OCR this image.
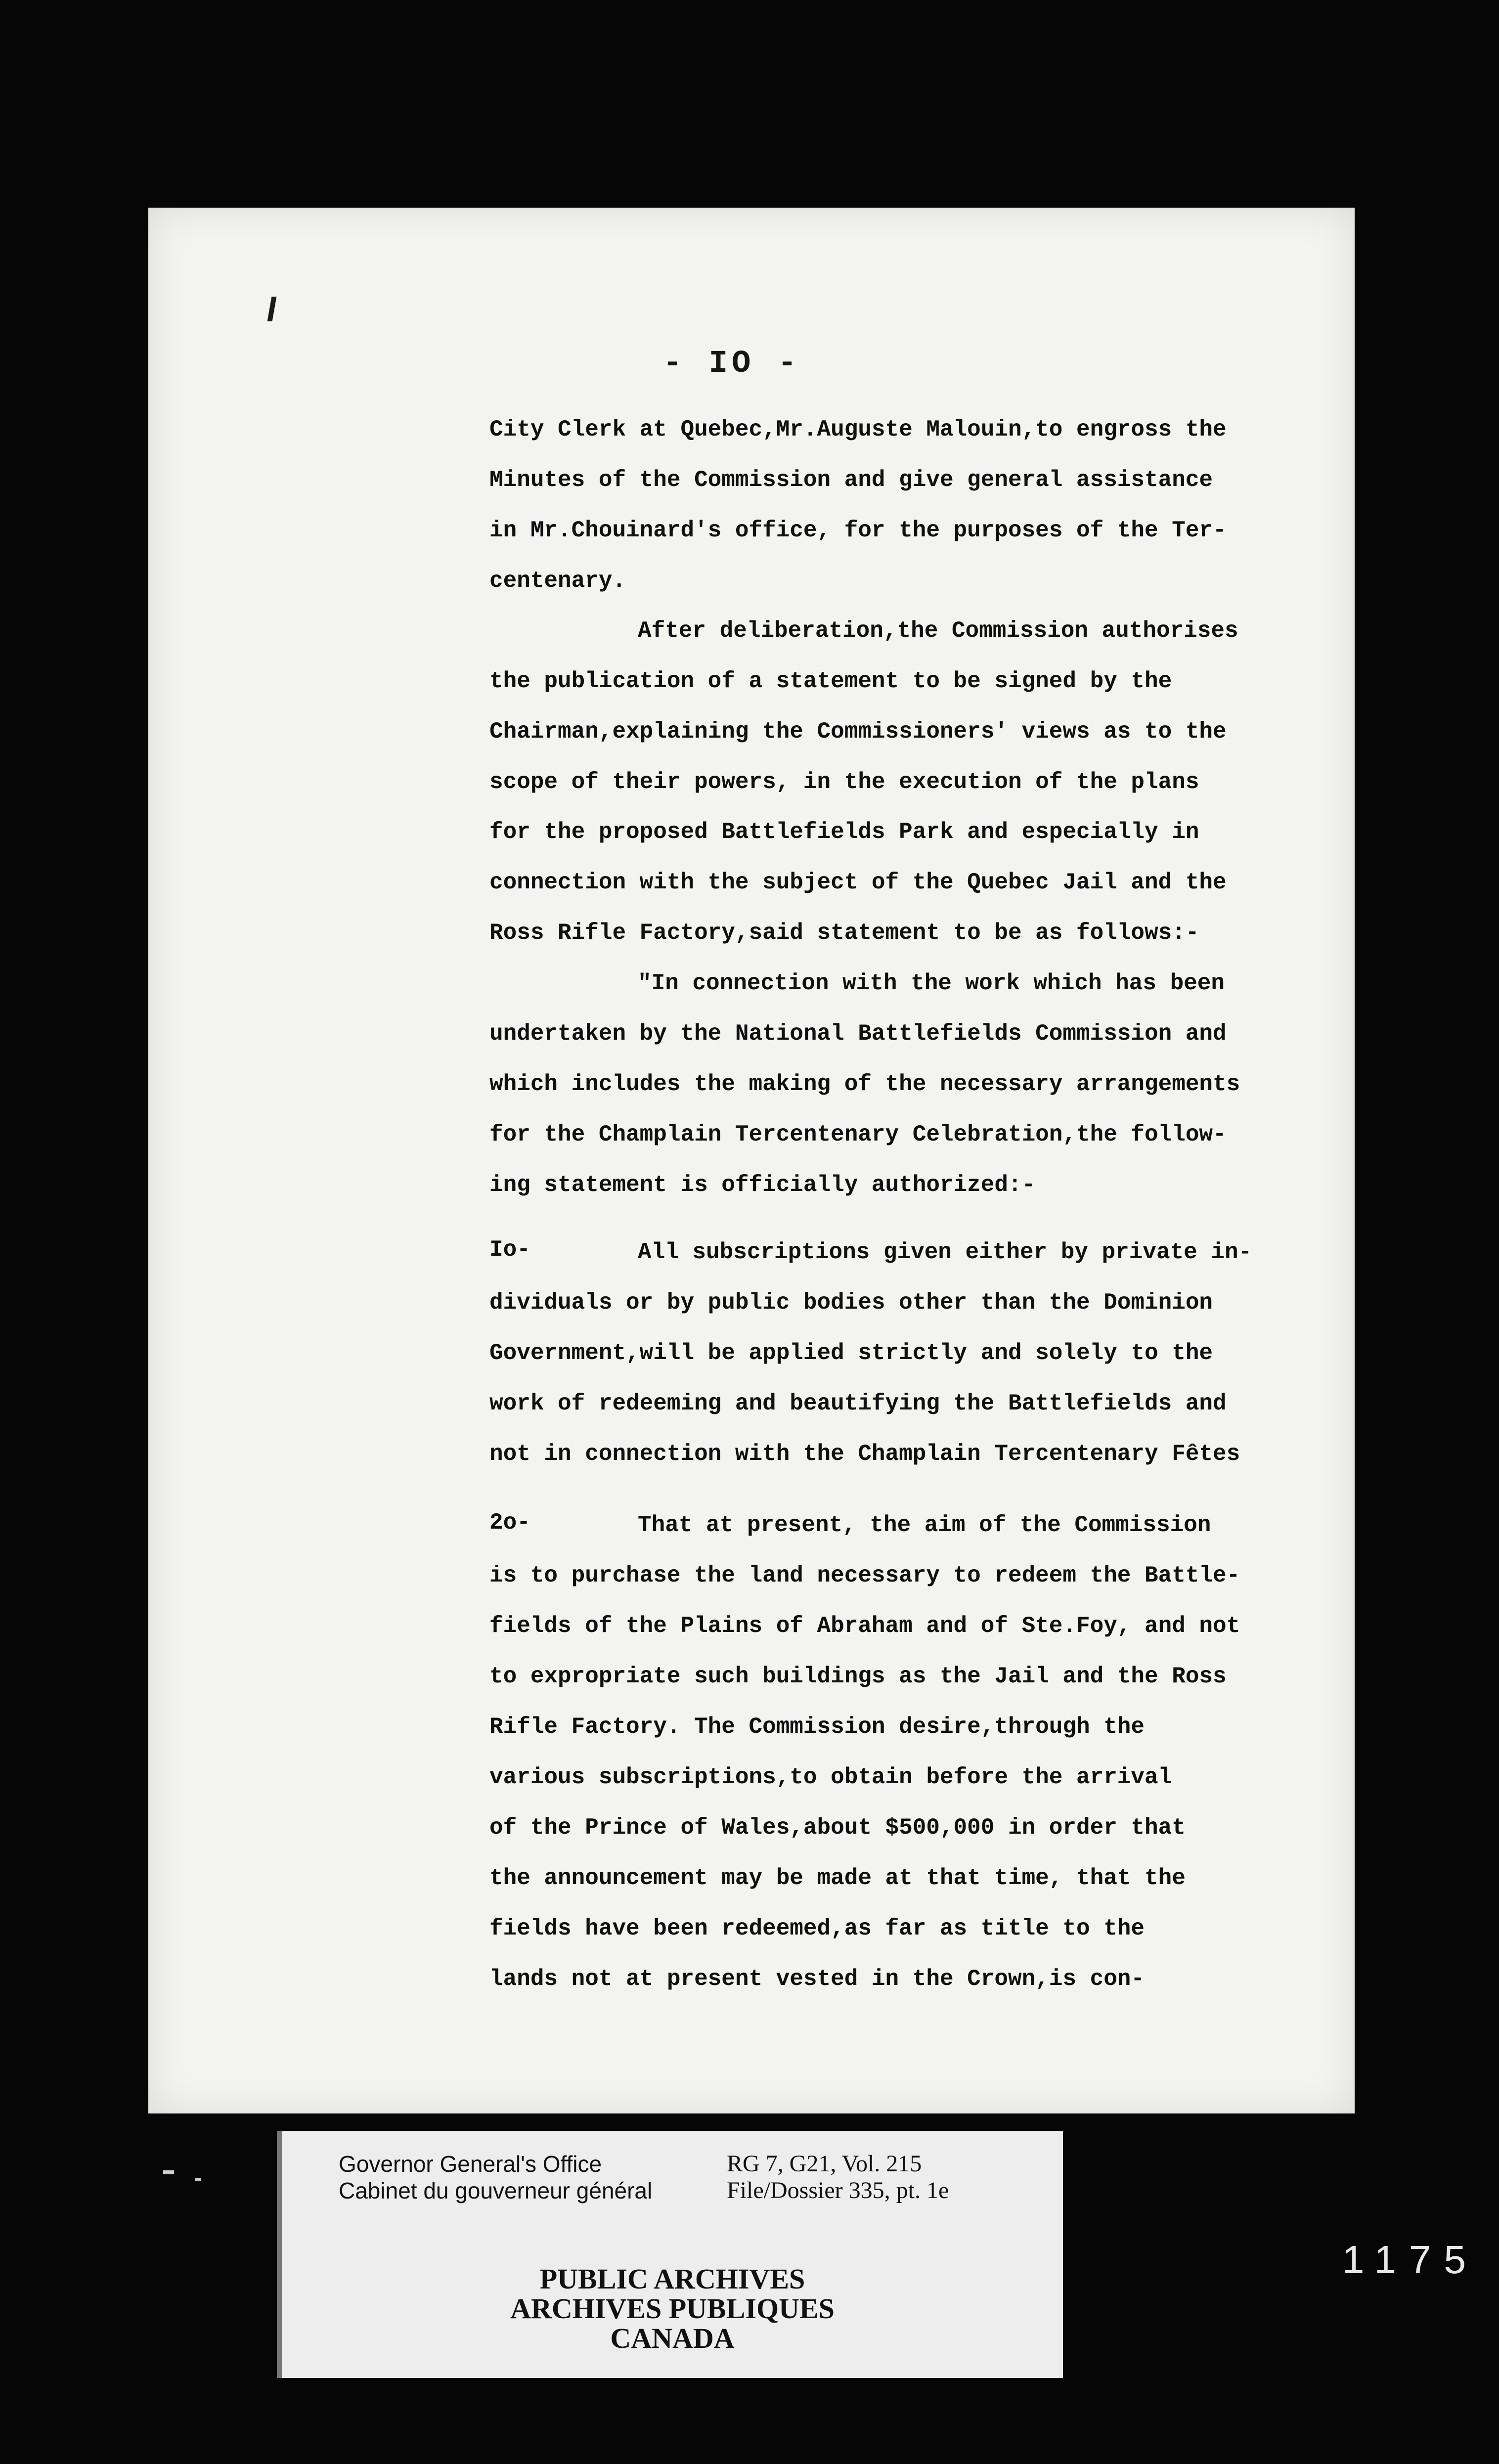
- IO -
City Clerk at Quebec,Mr.Auguste Malouin,to engross the
Minutes of the Commission and give general assistance
in Mr.Chouinard's office, for the purposes of the Ter-
centenary.
After deliberation,the Commission authorises
the publication of a statement to be signed by the
Chairman,explaining the Commissioners' views as to the
scope of their powers, in the execution of the plans
for the proposed Battlefields Park and especially in
connection with the subject of the Quebec Jail and the
Ross Rifle Factory,said statement to be as follows:-
"In connection with the work which has been
undertaken by the National Battlefields Commission and
which includes the making of the necessary arrangements
for the Champlain Tercentenary Celebration,the follow-
ing statement is officially authorized:-
Io-	All subscriptions given either by private in-
dividuals or by public bodies other than the Dominion
Government,will be applied strictly and solely to the
work of redeeming and beautifying the Battlefields and
not in connection with the Champlain Tercentenary Fêtes
2o-	That at present, the aim of the Commission
is to purchase the land necessary to redeem the Battle-
fields of the Plains of Abraham and of Ste.Foy, and not
to expropriate such buildings as the Jail and the Ross
Rifle Factory. The Commission desire,through the
various subscriptions,to obtain before the arrival
of the Prince of Wales,about $500,000 in order that
the announcement may be made at that time, that the
fields have been redeemed,as far as title to the
lands not at present vested in the Crown,is con-
Governor General's Office
Cabinet du gouverneur général
RG 7, G21, Vol. 215
File/Dossier 335, pt. 1e
PUBLIC ARCHIVES
ARCHIVES PUBLIQUES
CANADA
1175
